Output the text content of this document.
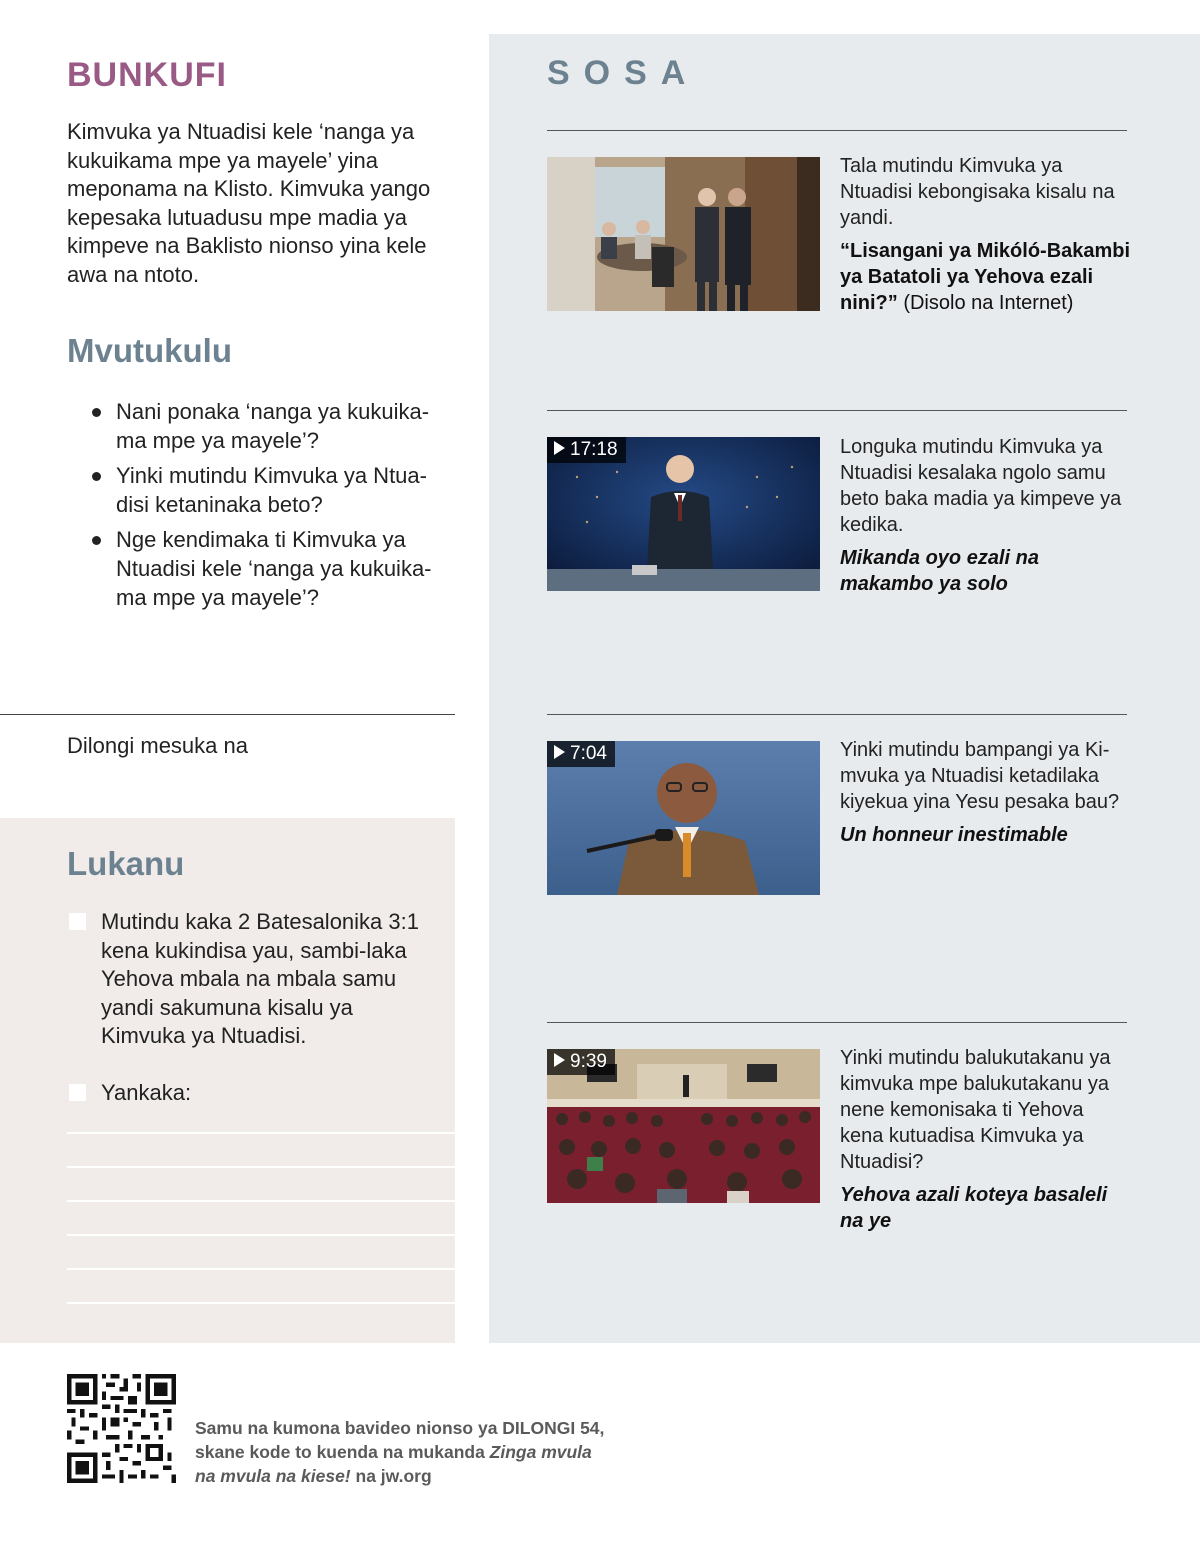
BUNKUFI

Kimvuka ya Ntuadisi kele ‘nanga ya kukuikama mpe ya mayele’ yina meponama na Klisto. Kimvuka yango kepesaka lutuadusu mpe madia ya kimpeve na Baklisto nionso yina kele awa na ntoto.

Mvutukulu
Nani ponaka ‘nanga ya kukuika-ma mpe ya mayele’?
Yinki mutindu Kimvuka ya Ntua-disi ketaninaka beto?
Nge kendimaka ti Kimvuka ya Ntuadisi kele ‘nanga ya kukuika-ma mpe ya mayele’?
Dilongi mesuka na
Lukanu
Mutindu kaka 2 Batesalonika 3:1 kena kukindisa yau, sambi-laka Yehova mbala na mbala samu yandi sakumuna kisalu ya Kimvuka ya Ntuadisi.
Yankaka:
SOSA

Tala mutindu Kimvuka ya Ntuadisi kebongisaka kisalu na yandi.

“Lisangani ya Mikóló-Bakambi ya Batatoli ya Yehova ezali nini?” (Disolo na Internet)

17:18	Longuka mutindu Kimvuka ya Ntuadisi kesalaka ngolo samu beto baka madia ya kimpeve ya kedika.

Mikanda oyo ezali na makambo ya solo

7:04	Yinki mutindu bampangi ya Ki-mvuka ya Ntuadisi ketadilaka kiyekua yina Yesu pesaka bau?

Un honneur inestimable

9:39	Yinki mutindu balukutakanu ya kimvuka mpe balukutakanu ya nene kemonisaka ti Yehova kena kutuadisa Kimvuka ya Ntuadisi?

Yehova azali koteya basaleli na ye

Samu na kumona bavideo nionso ya DILONGI 54,
skane kode to kuenda na mukanda Zinga mvula
na mvula na kiese! na jw.org
